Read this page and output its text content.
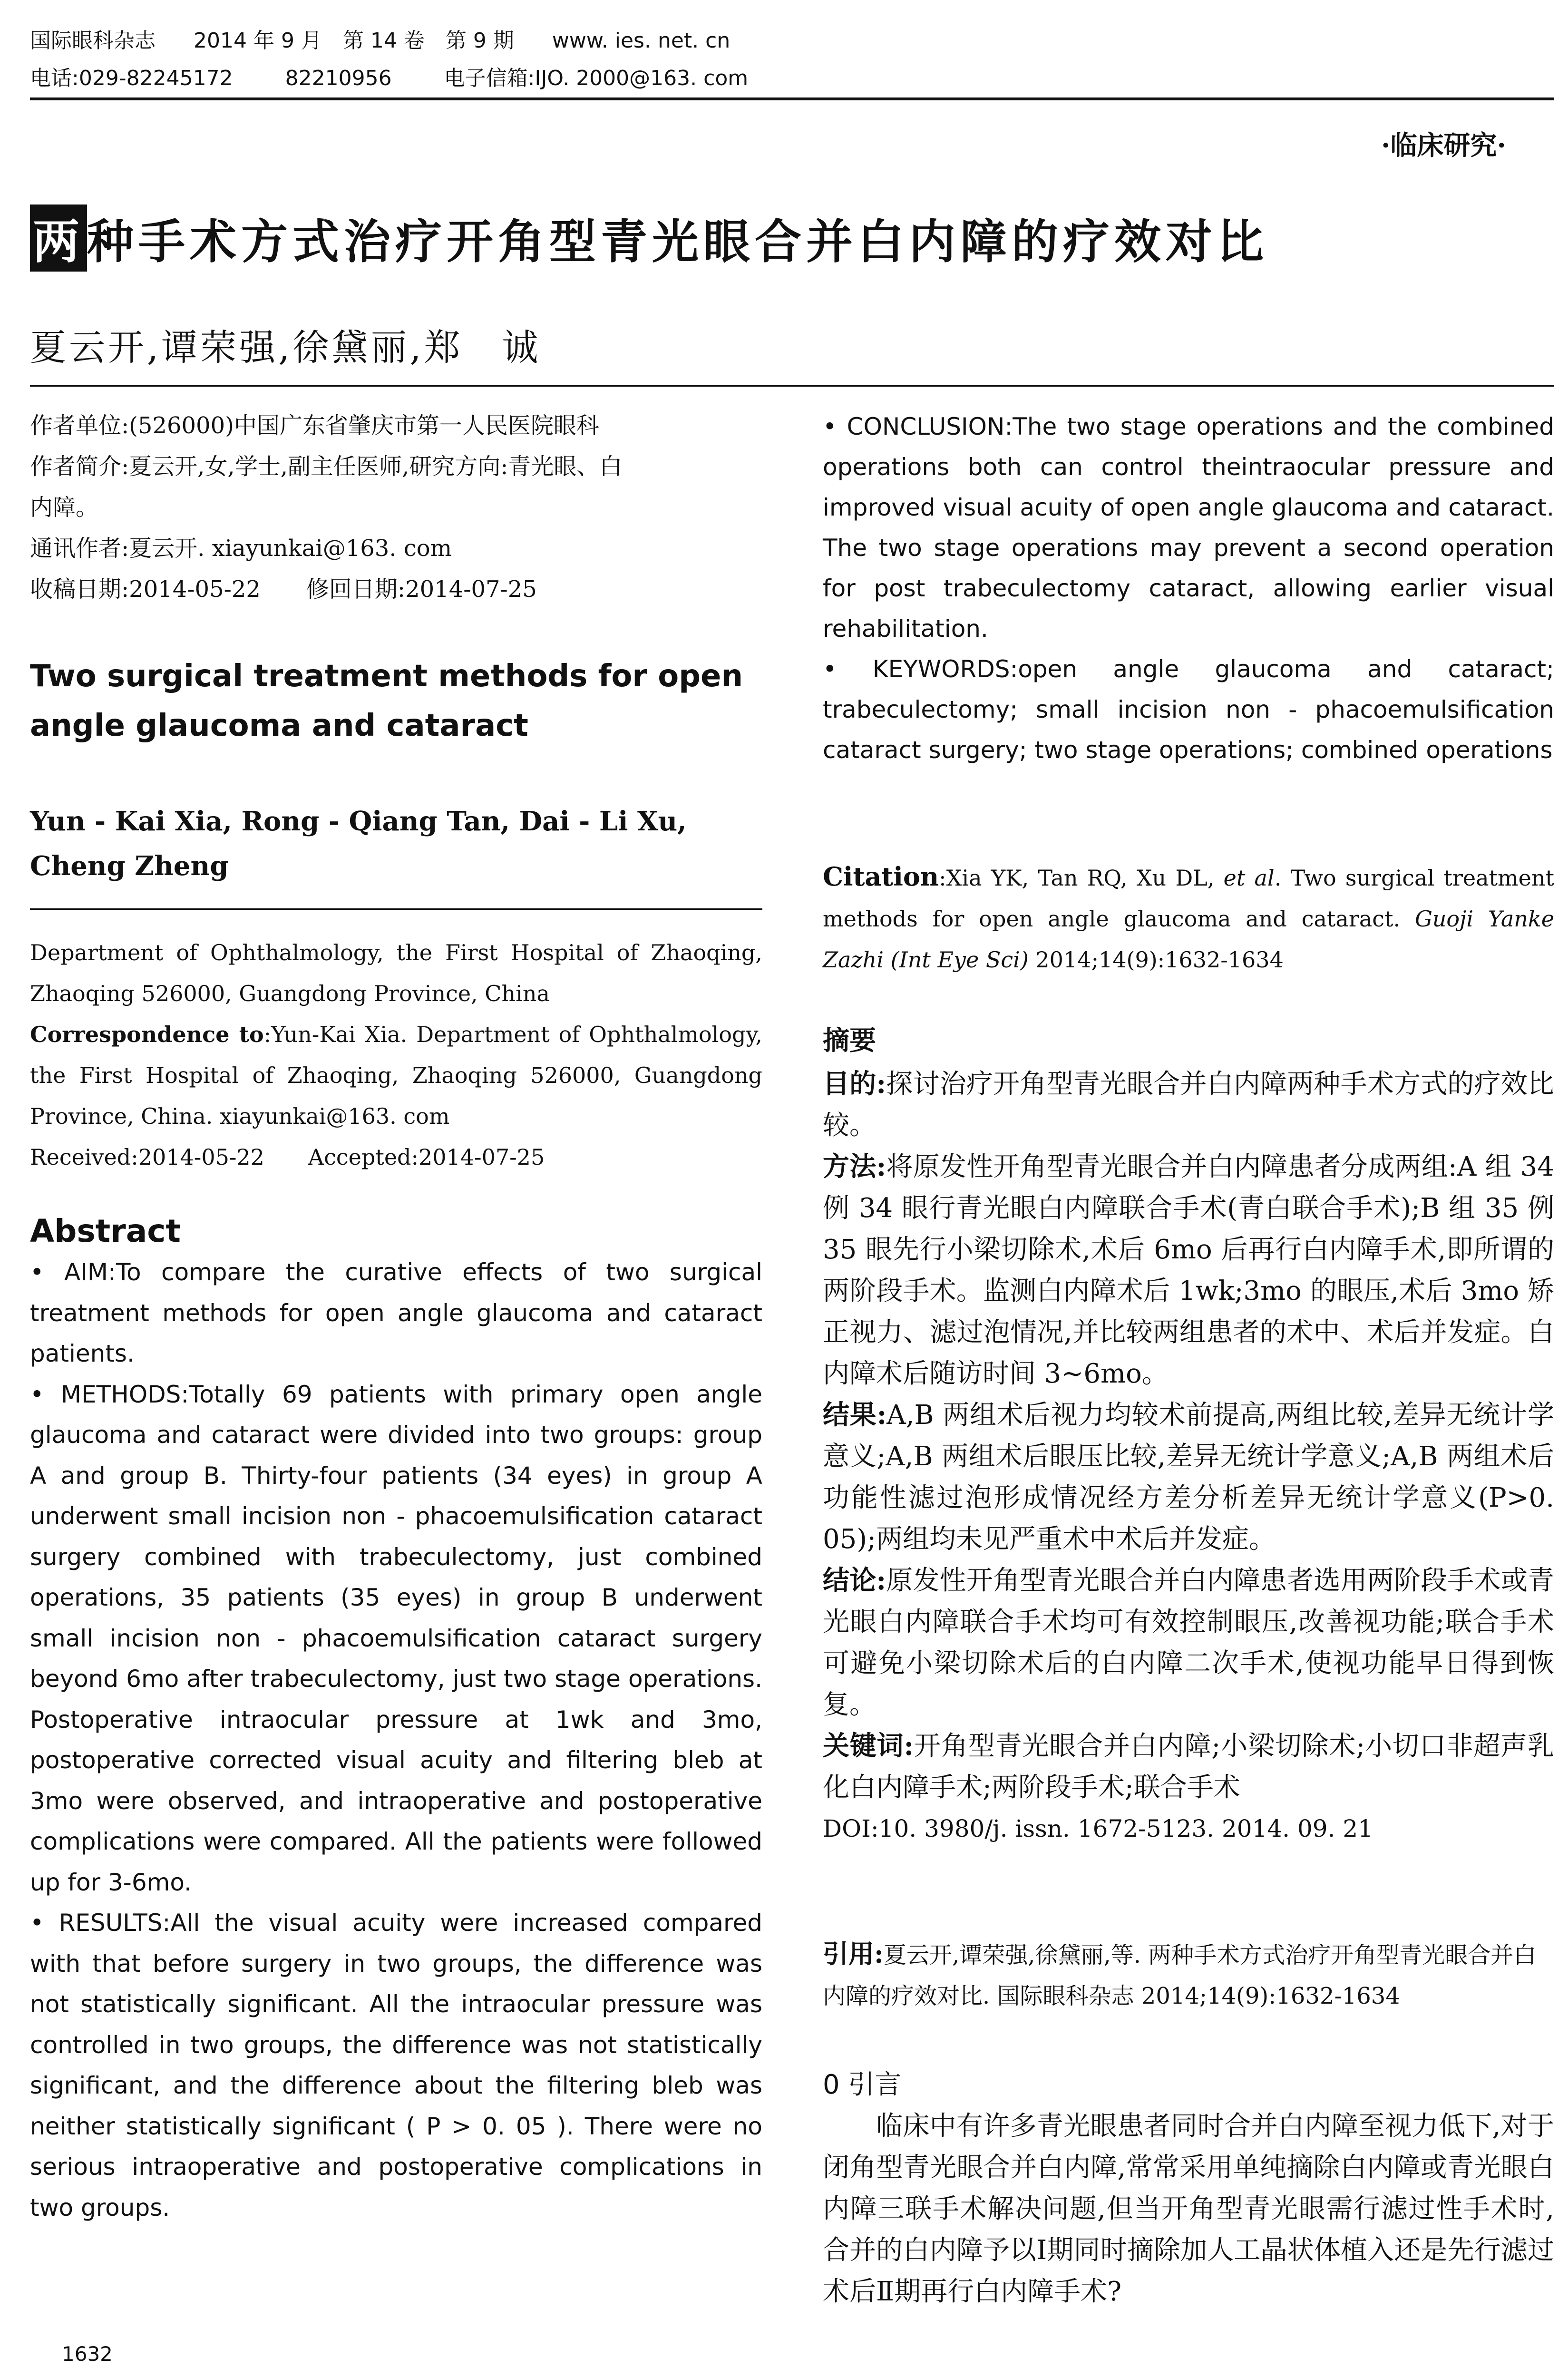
国际眼科杂志 2014 年 9 月　第 14 卷　第 9 期 www. ies. net. cn
电话:029-82245172	82210956	电子信箱:IJO. 2000@163. com
·临床研究·
两种手术方式治疗开角型青光眼合并白内障的疗效对比
夏云开,谭荣强,徐黛丽,郑　诚

作者单位:(526000)中国广东省肇庆市第一人民医院眼科

作者简介:夏云开,女,学士,副主任医师,研究方向:青光眼、白

内障。

通讯作者:夏云开. xiayunkai@163. com

收稿日期:2014-05-22　　修回日期:2014-07-25

Two surgical treatment methods for open angle glaucoma and cataract

Yun - Kai Xia, Rong - Qiang Tan, Dai - Li Xu, Cheng Zheng

Department of Ophthalmology, the First Hospital of Zhaoqing, Zhaoqing 526000, Guangdong Province, China

Correspondence to:Yun-Kai Xia. Department of Ophthalmology, the First Hospital of Zhaoqing, Zhaoqing 526000, Guangdong Province, China. xiayunkai@163. com

Received:2014-05-22　　Accepted:2014-07-25

Abstract

• AIM:To compare the curative effects of two surgical treatment methods for open angle glaucoma and cataract patients.

• METHODS:Totally 69 patients with primary open angle glaucoma and cataract were divided into two groups: group A and group B. Thirty-four patients (34 eyes) in group A underwent small incision non - phacoemulsification cataract surgery combined with trabeculectomy, just combined operations, 35 patients (35 eyes) in group B underwent small incision non - phacoemulsification cataract surgery beyond 6mo after trabeculectomy, just two stage operations. Postoperative intraocular pressure at 1wk and 3mo, postoperative corrected visual acuity and filtering bleb at 3mo were observed, and intraoperative and postoperative complications were compared. All the patients were followed up for 3-6mo.

• RESULTS:All the visual acuity were increased compared with that before surgery in two groups, the difference was not statistically significant. All the intraocular pressure was controlled in two groups, the difference was not statistically significant, and the difference about the filtering bleb was neither statistically significant ( P > 0. 05 ). There were no serious intraoperative and postoperative complications in two groups.

1632

• CONCLUSION:The two stage operations and the combined operations both can control theintraocular pressure and improved visual acuity of open angle glaucoma and cataract. The two stage operations may prevent a second operation for post trabeculectomy cataract, allowing earlier visual rehabilitation.

• KEYWORDS:open angle glaucoma and cataract; trabeculectomy; small incision non - phacoemulsification cataract surgery; two stage operations; combined operations

Citation:Xia YK, Tan RQ, Xu DL, et al. Two surgical treatment methods for open angle glaucoma and cataract. Guoji Yanke Zazhi (Int Eye Sci) 2014;14(9):1632-1634

摘要

目的:探讨治疗开角型青光眼合并白内障两种手术方式的疗效比较。

方法:将原发性开角型青光眼合并白内障患者分成两组:A 组 34 例 34 眼行青光眼白内障联合手术(青白联合手术);B 组 35 例 35 眼先行小梁切除术,术后 6mo 后再行白内障手术,即所谓的两阶段手术。监测白内障术后 1wk;3mo 的眼压,术后 3mo 矫正视力、滤过泡情况,并比较两组患者的术中、术后并发症。白内障术后随访时间 3~6mo。

结果:A,B 两组术后视力均较术前提高,两组比较,差异无统计学意义;A,B 两组术后眼压比较,差异无统计学意义;A,B 两组术后功能性滤过泡形成情况经方差分析差异无统计学意义(P>0. 05);两组均未见严重术中术后并发症。

结论:原发性开角型青光眼合并白内障患者选用两阶段手术或青光眼白内障联合手术均可有效控制眼压,改善视功能;联合手术可避免小梁切除术后的白内障二次手术,使视功能早日得到恢复。

关键词:开角型青光眼合并白内障;小梁切除术;小切口非超声乳化白内障手术;两阶段手术;联合手术

DOI:10. 3980/j. issn. 1672-5123. 2014. 09. 21

引用:夏云开,谭荣强,徐黛丽,等. 两种手术方式治疗开角型青光眼合并白内障的疗效对比. 国际眼科杂志 2014;14(9):1632-1634

0 引言

临床中有许多青光眼患者同时合并白内障至视力低下,对于闭角型青光眼合并白内障,常常采用单纯摘除白内障或青光眼白内障三联手术解决问题,但当开角型青光眼需行滤过性手术时,合并的白内障予以Ⅰ期同时摘除加人工晶状体植入还是先行滤过术后Ⅱ期再行白内障手术?
